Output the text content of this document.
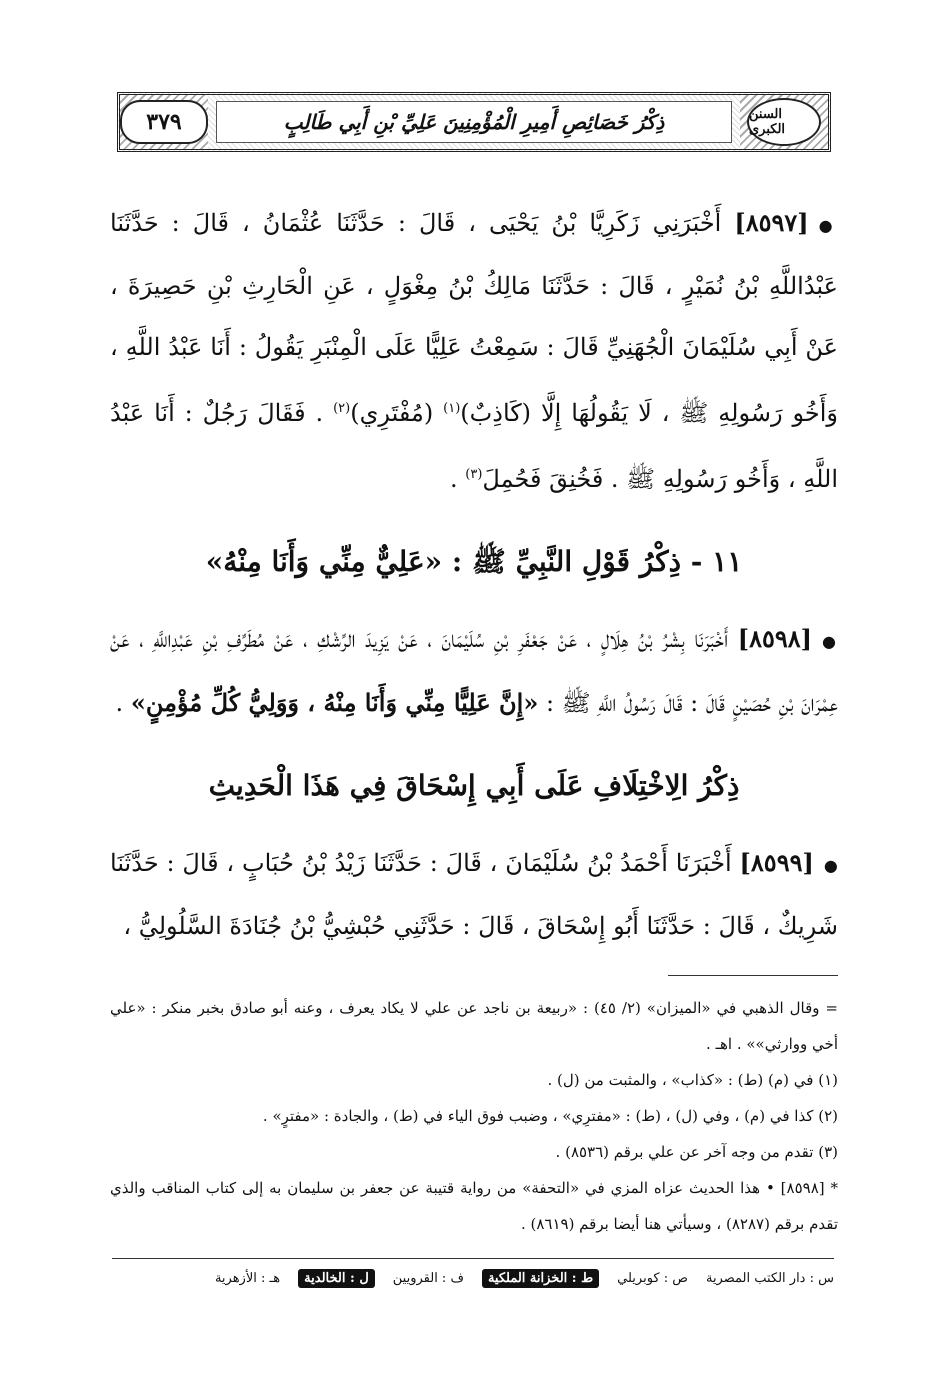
٣٧٩	ذِكْرُ خَصَائِصِ أَمِيرِ الْمُؤْمِنِينَ عَلِيِّ بْنِ أَبِي طَالِبٍ	السنن الكبرى

●[٨٥٩٧] أَخْبَرَنِي زَكَرِيَّا بْنُ يَحْيَى ، قَالَ : حَدَّثَنَا عُثْمَانُ ، قَالَ : حَدَّثَنَا عَبْدُاللَّهِ بْنُ نُمَيْرٍ ، قَالَ : حَدَّثَنَا مَالِكُ بْنُ مِغْوَلٍ ، عَنِ الْحَارِثِ بْنِ حَصِيرَةَ ، عَنْ أَبِي سُلَيْمَانَ الْجُهَنِيِّ قَالَ : سَمِعْتُ عَلِيًّا عَلَى الْمِنْبَرِ يَقُولُ : أَنَا عَبْدُ اللَّهِ ، وَأَخُو رَسُولِهِ ﷺ ، لَا يَقُولُهَا إِلَّا (كَاذِبٌ)$^{(١)}$ (مُفْتَرِي)$^{(٢)}$ . فَقَالَ رَجُلٌ : أَنَا عَبْدُ اللَّهِ ، وَأَخُو رَسُولِهِ ﷺ . فَخُنِقَ فَحُمِلَ$^{(٣)}$ .

١١ - ذِكْرُ قَوْلِ النَّبِيِّ ﷺ : «عَلِيٌّ مِنِّي وَأَنَا مِنْهُ»

●[٨٥٩٨] أَخْبَرَنَا بِشْرُ بْنُ هِلَالٍ ، عَنْ جَعْفَرِ بْنِ سُلَيْمَانَ ، عَنْ يَزِيدَ الرِّشْكِ ، عَنْ مُطَرِّفِ بْنِ عَبْدِاللَّهِ ، عَنْ عِمْرَانَ بْنِ حُصَيْنٍ قَالَ : قَالَ رَسُولُ اللَّهِ ﷺ : «إِنَّ عَلِيًّا مِنِّي وَأَنَا مِنْهُ ، وَوَلِيُّ كُلِّ مُؤْمِنٍ» .

ذِكْرُ الِاخْتِلَافِ عَلَى أَبِي إِسْحَاقَ فِي هَذَا الْحَدِيثِ

●[٨٥٩٩] أَخْبَرَنَا أَحْمَدُ بْنُ سُلَيْمَانَ ، قَالَ : حَدَّثَنَا زَيْدُ بْنُ حُبَابٍ ، قَالَ : حَدَّثَنَا شَرِيكٌ ، قَالَ : حَدَّثَنَا أَبُو إِسْحَاقَ ، قَالَ : حَدَّثَنِي حُبْشِيُّ بْنُ جُنَادَةَ السَّلُولِيُّ ،

= وقال الذهبي في «الميزان» (٢/ ٤٥) : «ربيعة بن ناجد عن علي لا يكاد يعرف ، وعنه أبو صادق بخبر منكر : «علي أخي ووارثي»» . اهـ .
(١) في (م) (ط) : «كذاب» ، والمثبت من (ل) .
(٢) كذا في (م) ، وفي (ل) ، (ط) : «مفترِي» ، وضبب فوق الياء في (ط) ، والجادة : «مفترٍ» .
(٣) تقدم من وجه آخر عن علي برقم (٨٥٣٦) .
* [٨٥٩٨] • هذا الحديث عزاه المزي في «التحفة» من رواية قتيبة عن جعفر بن سليمان به إلى كتاب المناقب والذي تقدم برقم (٨٢٨٧) ، وسيأتي هنا أيضا برقم (٨٦١٩) .
س : دار الكتب المصرية
ص : كوبريلي
ط : الخزانة الملكية
ف : القرويين
ل : الخالدية
هـ : الأزهرية
